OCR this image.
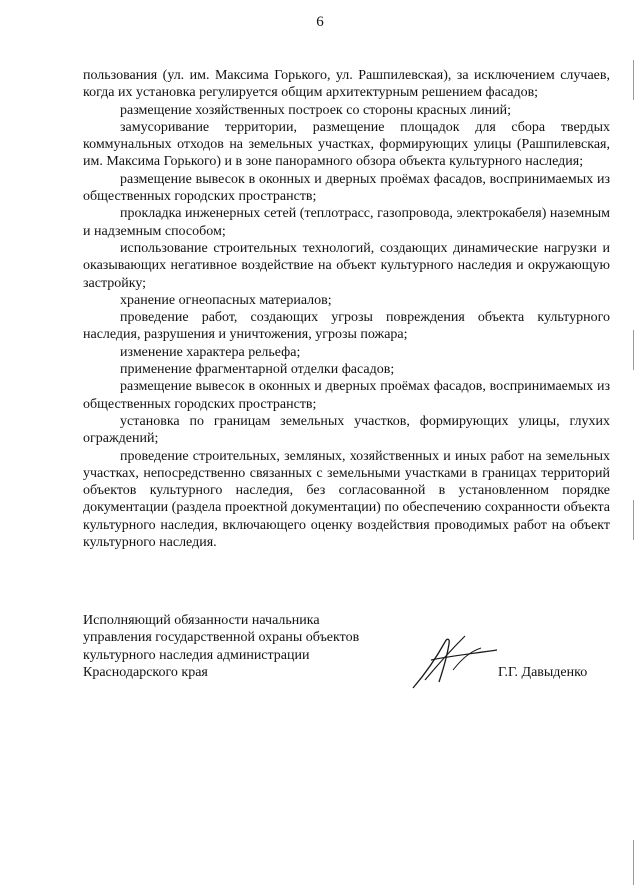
6

пользования (ул. им. Максима Горького, ул. Рашпилевская), за исключением случаев, когда их установка регулируется общим архитектурным решением фасадов;

размещение хозяйственных построек со стороны красных линий;

замусоривание территории, размещение площадок для сбора твердых коммунальных отходов на земельных участках, формирующих улицы (Рашпилевская, им. Максима Горького) и в зоне панорамного обзора объекта культурного наследия;

размещение вывесок в оконных и дверных проёмах фасадов, воспринимаемых из общественных городских пространств;

прокладка инженерных сетей (теплотрасс, газопровода, электрокабеля) наземным и надземным способом;

использование строительных технологий, создающих динамические нагрузки и оказывающих негативное воздействие на объект культурного наследия и окружающую застройку;

хранение огнеопасных материалов;

проведение работ, создающих угрозы повреждения объекта культурного наследия, разрушения и уничтожения, угрозы пожара;

изменение характера рельефа;

применение фрагментарной отделки фасадов;

размещение вывесок в оконных и дверных проёмах фасадов, воспринимаемых из общественных городских пространств;

установка по границам земельных участков, формирующих улицы, глухих ограждений;

проведение строительных, земляных, хозяйственных и иных работ на земельных участках, непосредственно связанных с земельными участками в границах территорий объектов культурного наследия, без согласованной в установленном порядке документации (раздела проектной документации) по обеспечению сохранности объекта культурного наследия, включающего оценку воздействия проводимых работ на объект культурного наследия.

Исполняющий обязанности начальника
управления государственной охраны объектов
культурного наследия администрации
Краснодарского края	Г.Г. Давыденко
